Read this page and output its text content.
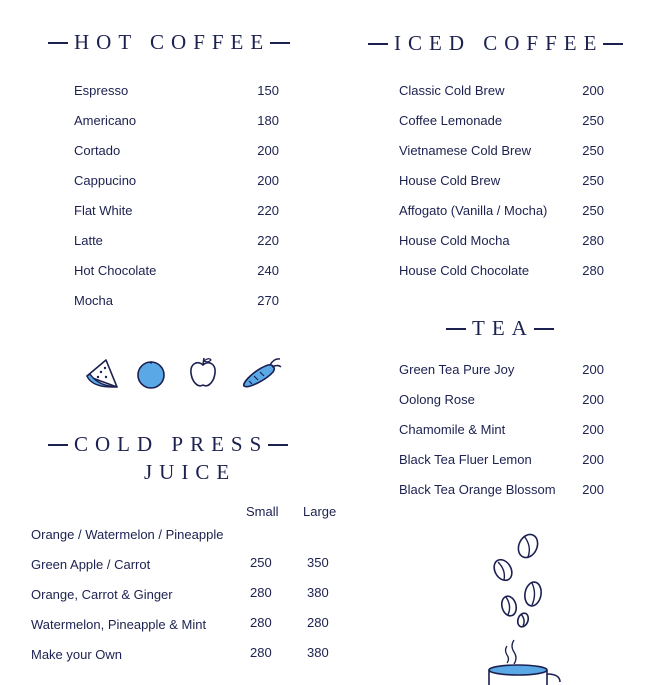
HOT COFFEE
Espresso	150
Americano	180
Cortado	200
Cappucino	200
Flat White	220
Latte	220
Hot Chocolate	240
Mocha	270
ICED COFFEE
Classic Cold Brew	200
Coffee Lemonade	250
Vietnamese Cold Brew	250
House Cold Brew	250
Affogato (Vanilla / Mocha)	250
House Cold Mocha	280
House Cold Chocolate	280
TEA
Green Tea Pure Joy	200
Oolong Rose	200
Chamomile & Mint	200
Black Tea Fluer Lemon	200
Black Tea Orange Blossom	200
COLD PRESS
JUICE
Small Large
Orange / Watermelon / Pineapple
Green Apple / Carrot	250	350
Orange, Carrot & Ginger	280	380
Watermelon, Pineapple & Mint	280	280
Make your Own	280	380
